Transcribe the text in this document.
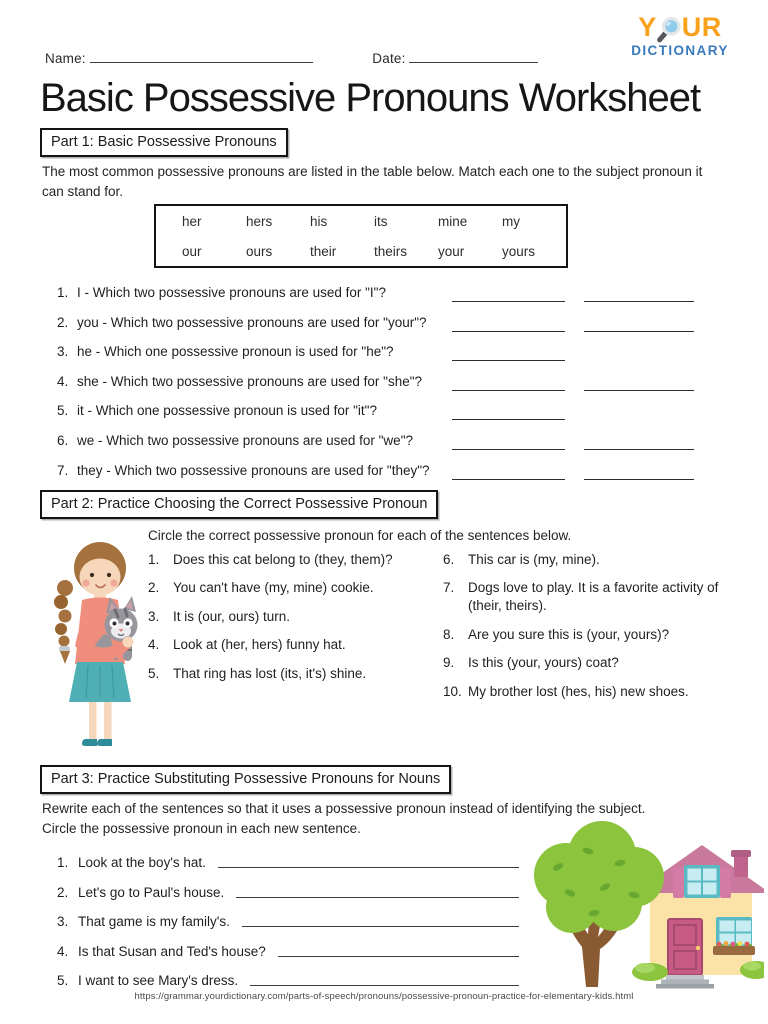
Name:	Date:
Y UR
DICTIONARY
Basic Possessive Pronouns Worksheet
Part 1: Basic Possessive Pronouns

The most common possessive pronouns are listed in the table below. Match each one to the subject pronoun it can stand for.

her	hers	his	its	mine	my
our	ours	their	theirs	your	yours
1. I - Which two possessive pronouns are used for "I"?
2. you - Which two possessive pronouns are used for "your"?
3. he - Which one possessive pronoun is used for "he"?
4. she - Which two possessive pronouns are used for "she"?
5. it - Which one possessive pronoun is used for "it"?
6. we - Which two possessive pronouns are used for "we"?
7. they - Which two possessive pronouns are used for "they"?
Part 2: Practice Choosing the Correct Possessive Pronoun

Circle the correct possessive pronoun for each of the sentences below.

1.	Does this cat belong to (they, them)?
2.	You can't have (my, mine) cookie.
3.	It is (our, ours) turn.
4.	Look at (her, hers) funny hat.
5.	That ring has lost (its, it's) shine.
6.	This car is (my, mine).
7.	Dogs love to play. It is a favorite activity of (their, theirs).
8.	Are you sure this is (your, yours)?
9.	Is this (your, yours) coat?
10. My brother lost (hes, his) new shoes.
Part 3: Practice Substituting Possessive Pronouns for Nouns
Rewrite each of the sentences so that it uses a possessive pronoun instead of identifying the subject.
Circle the possessive pronoun in each new sentence.
1. Look at the boy's hat.
2. Let's go to Paul's house.
3. That game is my family's.
4. Is that Susan and Ted's house?
5. I want to see Mary's dress.
https://grammar.yourdictionary.com/parts-of-speech/pronouns/possessive-pronoun-practice-for-elementary-kids.html
